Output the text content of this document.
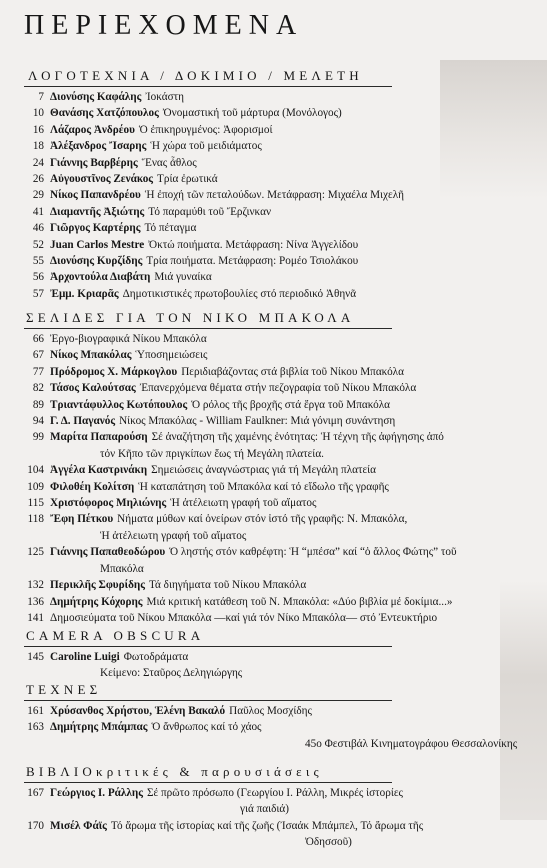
ΠΕΡΙΕΧΟΜΕΝΑ
ΛΟΓΟΤΕΧΝΙΑ / ΔΟΚΙΜΙΟ / ΜΕΛΕΤΗ
7 Διονύσης Καφάλης Ἰοκάστη
10 Θανάσης Χατζόπουλος Ὀνομαστική τοῦ μάρτυρα (Μονόλογος)
16 Λάζαρος Ἀνδρέου Ὁ ἐπικηρυγμένος: Ἀφορισμοί
18 Ἀλέξανδρος Ἴσαρης Ἡ χώρα τοῦ μειδιάματος
24 Γιάννης Βαρβέρης Ἕνας ἆθλος
26 Αὐγουστῖνος Ζενάκος Τρία ἐρωτικά
29 Νίκος Παπανδρέου Ἡ ἐποχή τῶν πεταλούδων. Μετάφραση: Μιχαέλα Μιχελῆ
41 Διαμαντῆς Ἀξιώτης Τό παραμύθι τοῦ Ἔρζινκαν
46 Γιῶργος Καρτέρης Τό πέταγμα
52 Juan Carlos Mestre Ὀκτώ ποιήματα. Μετάφραση: Νίνα Ἀγγελίδου
55 Διονύσης Κυρζίδης Τρία ποιήματα. Μετάφραση: Ρομέο Τσιολάκου
56 Ἀρχοντούλα Διαβάτη Μιά γυναίκα
57 Ἐμμ. Κριαρᾶς Δημοτικιστικές πρωτοβουλίες στό περιοδικό Ἀθηνᾶ
ΣΕΛΙΔΕΣ ΓΙΑ ΤΟΝ ΝΙΚΟ ΜΠΑΚΟΛΑ
66 Ἐργο-βιογραφικά Νίκου Μπακόλα
67 Νίκος Μπακόλας Ὑποσημειώσεις
77 Πρόδρομος Χ. Μάρκογλου Περιδιαβάζοντας στά βιβλία τοῦ Νίκου Μπακόλα
82 Τάσος Καλούτσας Ἐπανερχόμενα θέματα στήν πεζογραφία τοῦ Νίκου Μπακόλα
89 Τριαντάφυλλος Κωτόπουλος Ὁ ρόλος τῆς βροχῆς στά ἔργα τοῦ Μπακόλα
94 Γ. Δ. Παγανός Νίκος Μπακόλας - William Faulkner: Μιά γόνιμη συνάντηση
99 Μαρίτα Παπαρούση Σέ ἀναζήτηση τῆς χαμένης ἑνότητας: Ἡ τέχνη τῆς ἀφήγησης ἀπό
τόν Κῆπο τῶν πριγκίπων ἕως τή Μεγάλη πλατεία.
104 Ἀγγέλα Καστρινάκη Σημειώσεις ἀναγνώστριας γιά τή Μεγάλη πλατεία
109 Φιλοθέη Κολίτση Ἡ καταπάτηση τοῦ Μπακόλα καί τό εἴδωλο τῆς γραφῆς
115 Χριστόφορος Μηλιώνης Ἡ ἀτέλειωτη γραφή τοῦ αἵματος
118 Ἔφη Πέτκου Νήματα μύθων καί ὀνείρων στόν ἱστό τῆς γραφῆς: Ν. Μπακόλα,
Ἡ ἀτέλειωτη γραφή τοῦ αἵματος
125 Γιάννης Παπαθεοδώρου Ὁ ληστής στόν καθρέφτη: Ἡ “μπέσα” καί “ὁ ἄλλος Φώτης” τοῦ
Μπακόλα
132 Περικλῆς Σφυρίδης Τά διηγήματα τοῦ Νίκου Μπακόλα
136 Δημήτρης Κόχορης Μιά κριτική κατάθεση τοῦ Ν. Μπακόλα: «Δύο βιβλία μέ δοκίμια...»
141 Δημοσιεύματα τοῦ Νίκου Μπακόλα —καί γιά τόν Νίκο Μπακόλα— στό Ἐντευκτήριο
CAMERA OBSCURA
145 Caroline Luigi Φωτοδράματα
Κείμενο: Σταῦρος Δεληγιώργης
ΤΕΧΝΕΣ
161 Χρύσανθος Χρήστου, Ἑλένη Βακαλό Παῦλος Μοσχίδης
163 Δημήτρης Μπάμπας Ὁ ἄνθρωπος καί τό χάος
45ο Φεστιβάλ Κινηματογράφου Θεσσαλονίκης
ΒΙΒΛΙΟκριτικές & παρουσιάσεις
167 Γεώργιος Ι. Ράλλης Σέ πρῶτο πρόσωπο (Γεωργίου Ι. Ράλλη, Μικρές ἱστορίες
γιά παιδιά)
170 Μισέλ Φάϊς Τό ἄρωμα τῆς ἱστορίας καί τῆς ζωῆς (Ἰσαάκ Μπάμπελ, Τό ἄρωμα τῆς
Ὀδησσοῦ)
